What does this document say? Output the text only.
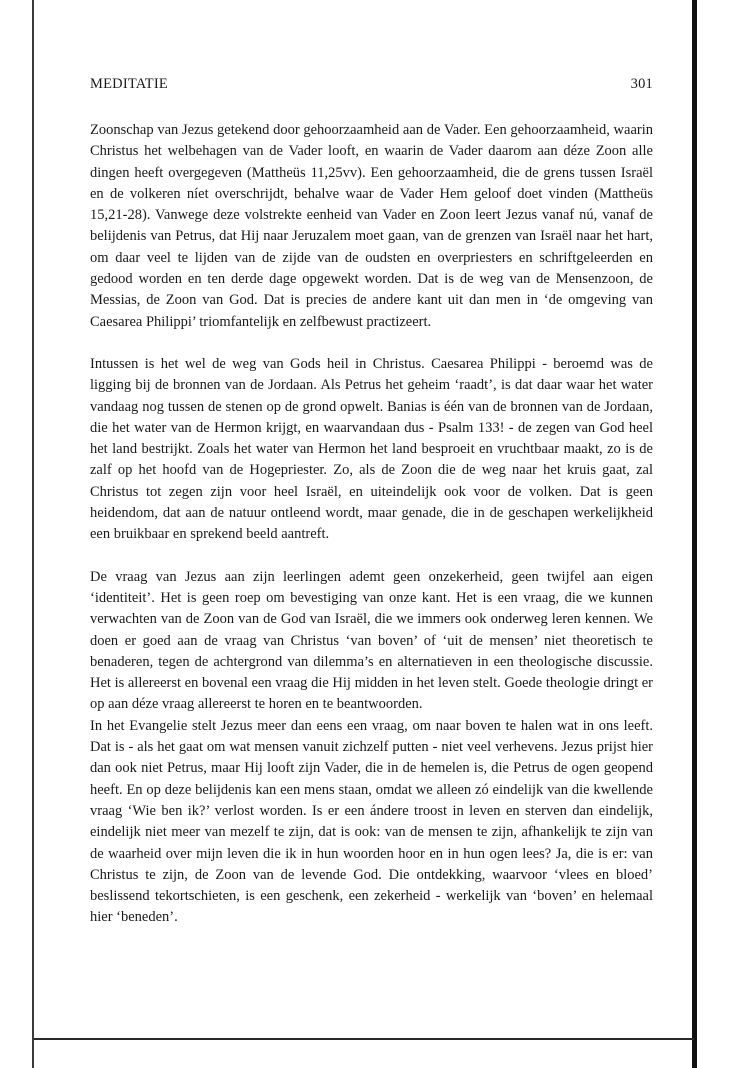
MEDITATIE	301

Zoonschap van Jezus getekend door gehoorzaamheid aan de Vader. Een gehoorzaamheid, waarin Christus het welbehagen van de Vader looft, en waarin de Vader daarom aan déze Zoon alle dingen heeft overgegeven (Mattheüs 11,25vv). Een gehoorzaamheid, die de grens tussen Israël en de volkeren níet overschrijdt, behalve waar de Vader Hem geloof doet vinden (Mattheüs 15,21-28). Vanwege deze volstrekte eenheid van Vader en Zoon leert Jezus vanaf nú, vanaf de belijdenis van Petrus, dat Hij naar Jeruzalem moet gaan, van de grenzen van Israël naar het hart, om daar veel te lijden van de zijde van de oudsten en overpriesters en schriftgeleerden en gedood worden en ten derde dage opgewekt worden. Dat is de weg van de Mensenzoon, de Messias, de Zoon van God. Dat is precies de andere kant uit dan men in ‘de omgeving van Caesarea Philippi’ triomfantelijk en zelfbewust practizeert.

Intussen is het wel de weg van Gods heil in Christus. Caesarea Philippi - beroemd was de ligging bij de bronnen van de Jordaan. Als Petrus het geheim ‘raadt’, is dat daar waar het water vandaag nog tussen de stenen op de grond opwelt. Banias is één van de bronnen van de Jordaan, die het water van de Hermon krijgt, en waarvandaan dus - Psalm 133! - de zegen van God heel het land bestrijkt. Zoals het water van Hermon het land besproeit en vruchtbaar maakt, zo is de zalf op het hoofd van de Hogepriester. Zo, als de Zoon die de weg naar het kruis gaat, zal Christus tot zegen zijn voor heel Israël, en uiteindelijk ook voor de volken. Dat is geen heidendom, dat aan de natuur ontleend wordt, maar genade, die in de geschapen werkelijkheid een bruikbaar en sprekend beeld aantreft.

De vraag van Jezus aan zijn leerlingen ademt geen onzekerheid, geen twijfel aan eigen ‘identiteit’. Het is geen roep om bevestiging van onze kant. Het is een vraag, die we kunnen verwachten van de Zoon van de God van Israël, die we immers ook onderweg leren kennen. We doen er goed aan de vraag van Christus ‘van boven’ of ‘uit de mensen’ niet theoretisch te benaderen, tegen de achtergrond van dilemma’s en alternatieven in een theologische discussie. Het is allereerst en bovenal een vraag die Hij midden in het leven stelt. Goede theologie dringt er op aan déze vraag allereerst te horen en te beantwoorden.

In het Evangelie stelt Jezus meer dan eens een vraag, om naar boven te halen wat in ons leeft. Dat is - als het gaat om wat mensen vanuit zichzelf putten - niet veel verhevens. Jezus prijst hier dan ook niet Petrus, maar Hij looft zijn Vader, die in de hemelen is, die Petrus de ogen geopend heeft. En op deze belijdenis kan een mens staan, omdat we alleen zó eindelijk van die kwellende vraag ‘Wie ben ik?’ verlost worden. Is er een ándere troost in leven en sterven dan eindelijk, eindelijk niet meer van mezelf te zijn, dat is ook: van de mensen te zijn, afhankelijk te zijn van de waarheid over mijn leven die ik in hun woorden hoor en in hun ogen lees? Ja, die is er: van Christus te zijn, de Zoon van de levende God. Die ontdekking, waarvoor ‘vlees en bloed’ beslissend tekortschieten, is een geschenk, een zekerheid - werkelijk van ‘boven’ en helemaal hier ‘beneden’.
